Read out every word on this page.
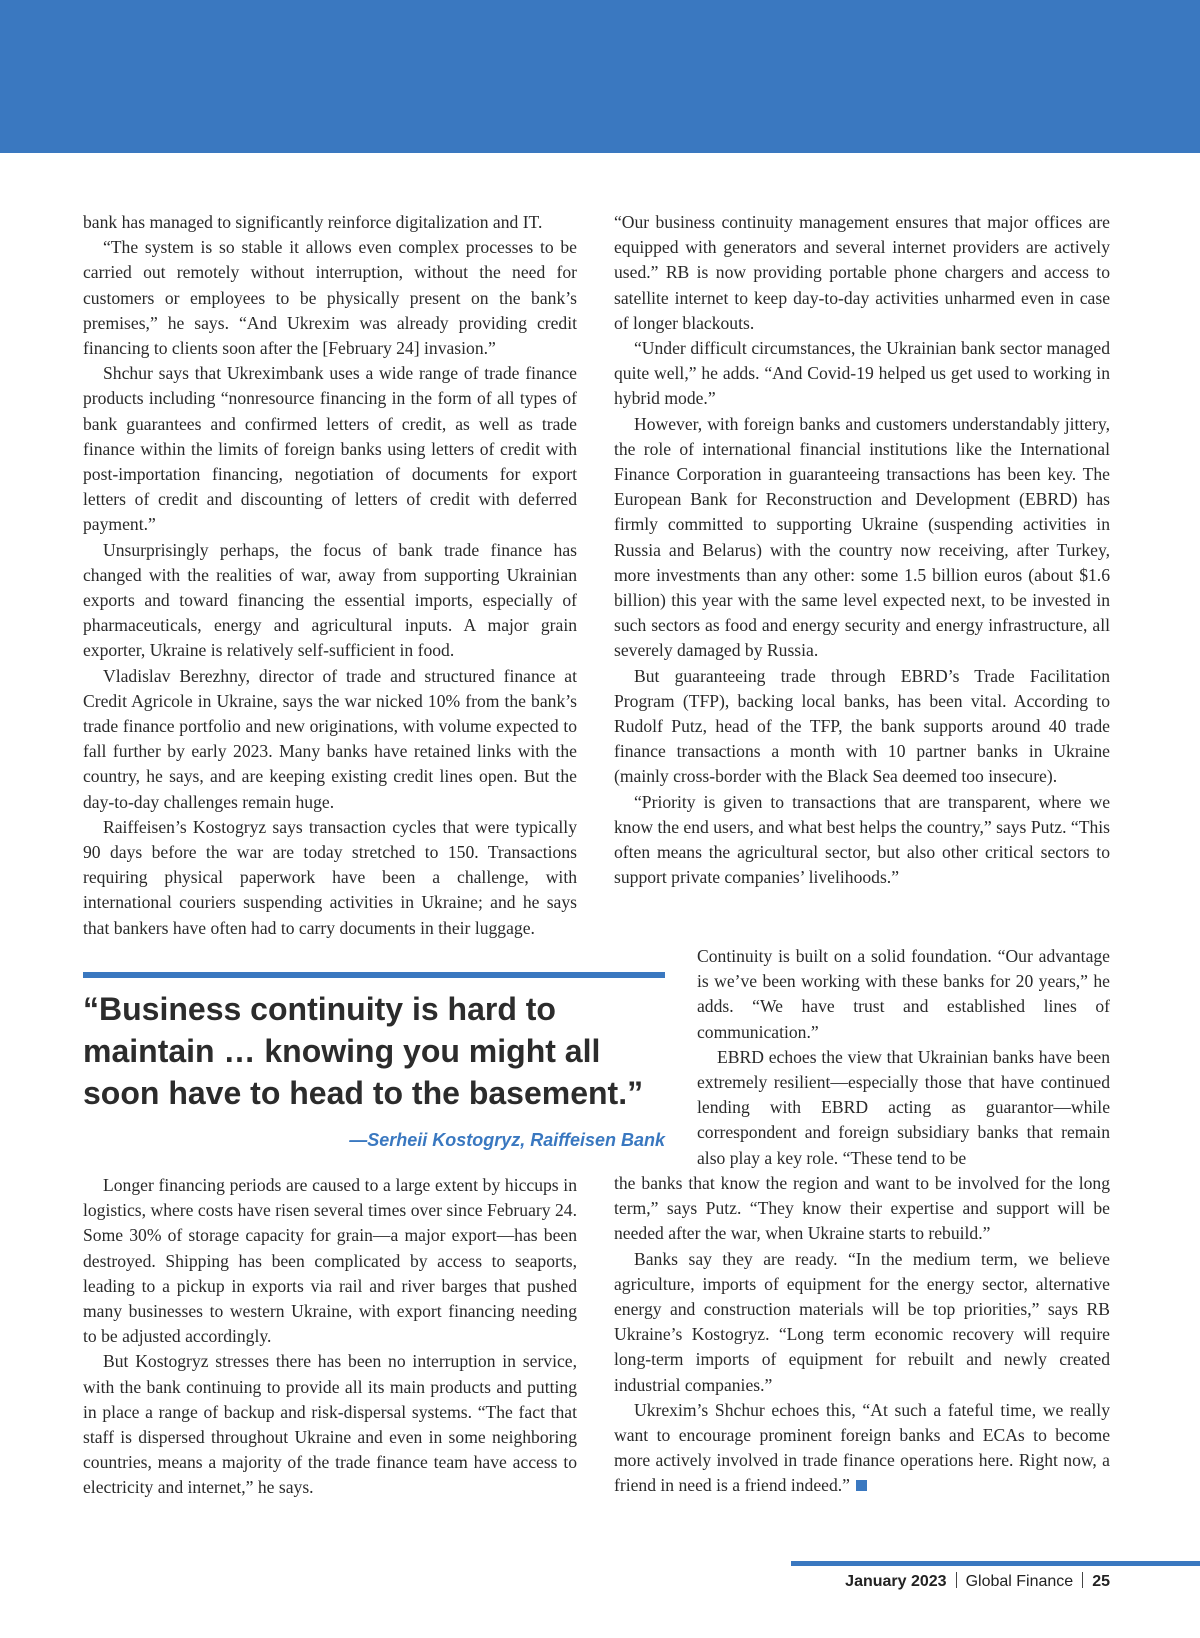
bank has managed to significantly reinforce digitalization and IT.

“The system is so stable it allows even complex processes to be carried out remotely without interruption, without the need for customers or employees to be physically present on the bank’s premises,” he says. “And Ukrexim was already providing credit financing to clients soon after the [February 24] invasion.”

Shchur says that Ukreximbank uses a wide range of trade finance products including “nonresource financing in the form of all types of bank guarantees and confirmed letters of credit, as well as trade finance within the limits of foreign banks using letters of credit with post-importation financing, negotiation of documents for export letters of credit and discounting of letters of credit with deferred payment.”

Unsurprisingly perhaps, the focus of bank trade finance has changed with the realities of war, away from supporting Ukrainian exports and toward financing the essential imports, especially of pharmaceuticals, energy and agricultural inputs. A major grain exporter, Ukraine is relatively self-sufficient in food.

Vladislav Berezhny, director of trade and structured finance at Credit Agricole in Ukraine, says the war nicked 10% from the bank’s trade finance portfolio and new originations, with volume expected to fall further by early 2023. Many banks have retained links with the country, he says, and are keeping existing credit lines open. But the day-to-day challenges remain huge.

Raiffeisen’s Kostogryz says transaction cycles that were typically 90 days before the war are today stretched to 150. Transactions requiring physical paperwork have been a challenge, with international couriers suspending activities in Ukraine; and he says that bankers have often had to carry documents in their luggage.

“Business continuity is hard to maintain … knowing you might all soon have to head to the basement.”
—Serheii Kostogryz, Raiffeisen Bank

Longer financing periods are caused to a large extent by hiccups in logistics, where costs have risen several times over since February 24. Some 30% of storage capacity for grain—a major export—has been destroyed. Shipping has been complicated by access to seaports, leading to a pickup in exports via rail and river barges that pushed many businesses to western Ukraine, with export financing needing to be adjusted accordingly.

But Kostogryz stresses there has been no interruption in service, with the bank continuing to provide all its main products and putting in place a range of backup and risk-dispersal systems. “The fact that staff is dispersed throughout Ukraine and even in some neighboring countries, means a majority of the trade finance team have access to electricity and internet,” he says.

“Our business continuity management ensures that major offices are equipped with generators and several internet providers are actively used.” RB is now providing portable phone chargers and access to satellite internet to keep day-to-day activities unharmed even in case of longer blackouts.

“Under difficult circumstances, the Ukrainian bank sector managed quite well,” he adds. “And Covid-19 helped us get used to working in hybrid mode.”

However, with foreign banks and customers understandably jittery, the role of international financial institutions like the International Finance Corporation in guaranteeing transactions has been key. The European Bank for Reconstruction and Development (EBRD) has firmly committed to supporting Ukraine (suspending activities in Russia and Belarus) with the country now receiving, after Turkey, more investments than any other: some 1.5 billion euros (about $1.6 billion) this year with the same level expected next, to be invested in such sectors as food and energy security and energy infrastructure, all severely damaged by Russia.

But guaranteeing trade through EBRD’s Trade Facilitation Program (TFP), backing local banks, has been vital. According to Rudolf Putz, head of the TFP, the bank supports around 40 trade finance transactions a month with 10 partner banks in Ukraine (mainly cross-border with the Black Sea deemed too insecure).

“Priority is given to transactions that are transparent, where we know the end users, and what best helps the country,” says Putz. “This often means the agricultural sector, but also other critical sectors to support private companies’ livelihoods.”

Continuity is built on a solid foundation. “Our advantage is we’ve been working with these banks for 20 years,” he adds. “We have trust and established lines of communication.”

EBRD echoes the view that Ukrainian banks have been extremely resilient—especially those that have continued lending with EBRD acting as guarantor—while correspondent and foreign subsidiary banks that remain also play a key role. “These tend to be

the banks that know the region and want to be involved for the long term,” says Putz. “They know their expertise and support will be needed after the war, when Ukraine starts to rebuild.”

Banks say they are ready. “In the medium term, we believe agriculture, imports of equipment for the energy sector, alternative energy and construction materials will be top priorities,” says RB Ukraine’s Kostogryz. “Long term economic recovery will require long-term imports of equipment for rebuilt and newly created industrial companies.”

Ukrexim’s Shchur echoes this, “At such a fateful time, we really want to encourage prominent foreign banks and ECAs to become more actively involved in trade finance operations here. Right now, a friend in need is a friend indeed.”

January 2023 Global Finance 25
